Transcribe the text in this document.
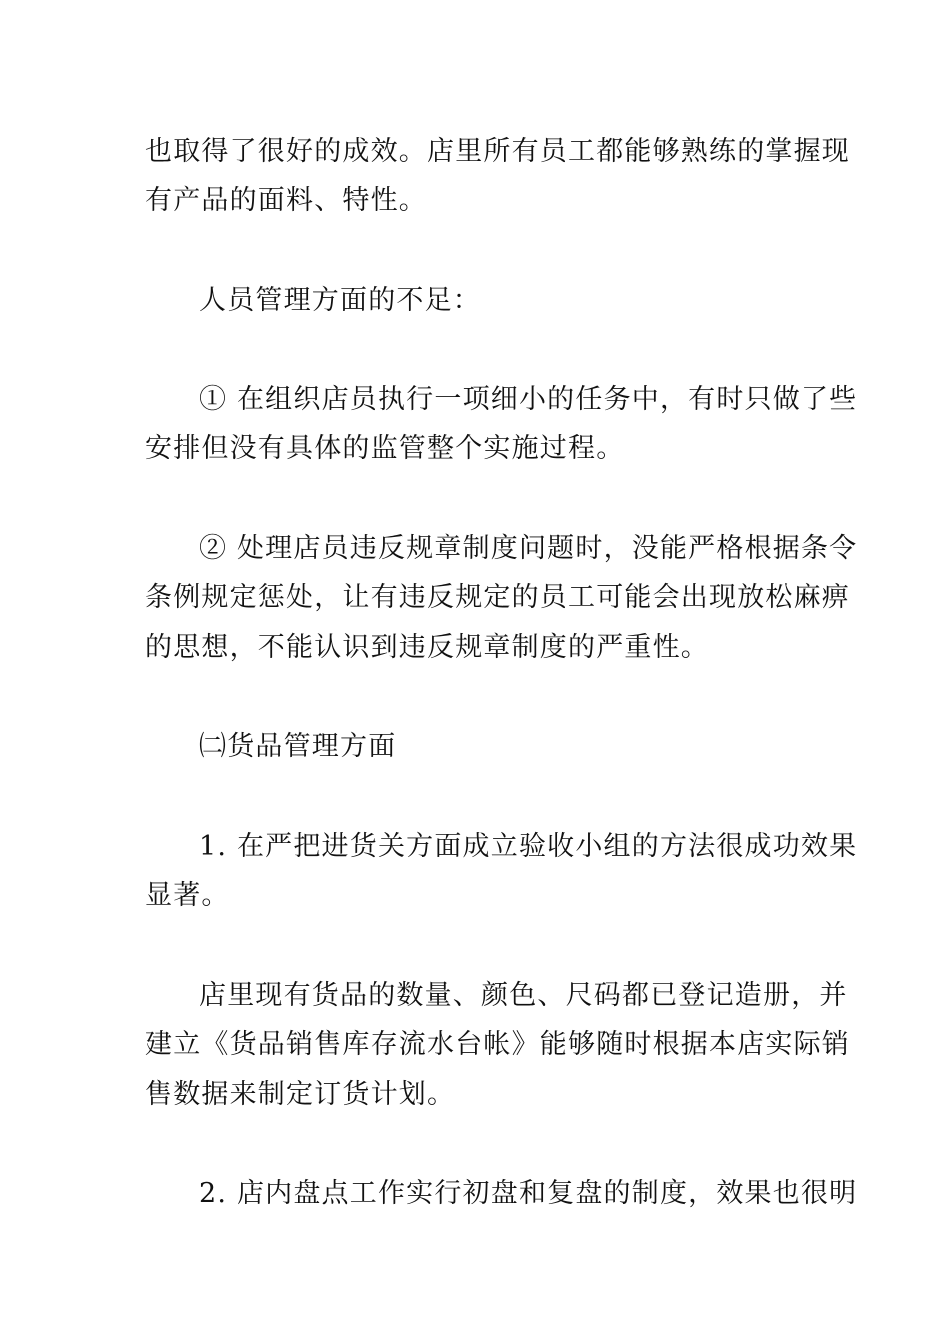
也取得了很好的成效。店里所有员工都能够熟练的掌握现
有产品的面料、特性。
人员管理方面的不足：
① 在组织店员执行一项细小的任务中，有时只做了些
安排但没有具体的监管整个实施过程。
② 处理店员违反规章制度问题时，没能严格根据条令
条例规定惩处，让有违反规定的员工可能会出现放松麻痹
的思想，不能认识到违反规章制度的严重性。
㈡货品管理方面
1. 在严把进货关方面成立验收小组的方法很成功效果
显著。
店里现有货品的数量、颜色、尺码都已登记造册，并
建立《货品销售库存流水台帐》能够随时根据本店实际销
售数据来制定订货计划。
2. 店内盘点工作实行初盘和复盘的制度，效果也很明
